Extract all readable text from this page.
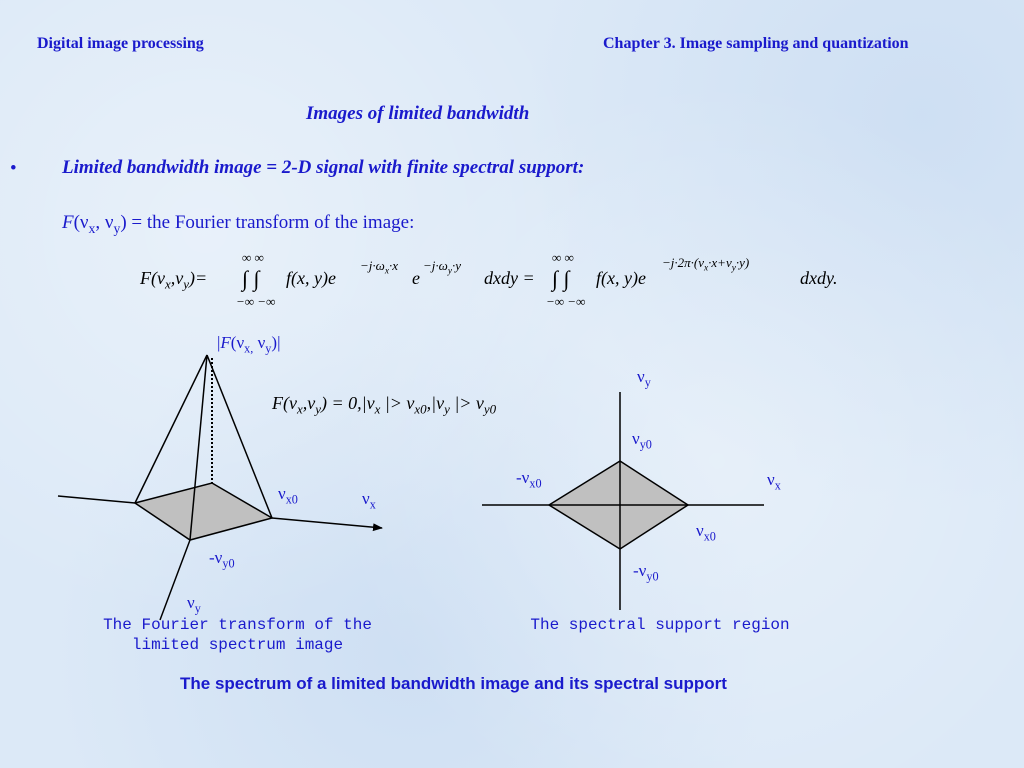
Digital image processing	Chapter 3. Image sampling and quantization
Images of limited bandwidth
• Limited bandwidth image = 2-D signal with finite spectral support:
$F(\nu_x$, $\nu_y$) = the Fourier transform of the image:
$F(\nu_x,\nu_y)=$
∞ ∞
∫ ∫
−∞ −∞
f(x, y)e
$-j\cdot\omega_x\cdot x$
e
$-j\cdot\omega_y\cdot y$
dxdy =
∞ ∞
∫ ∫
−∞ −∞
f(x, y)e
$-j\cdot 2\pi\cdot(\nu_x\cdot x+\nu_y\cdot y)$
dxdy.
$F(\nu_x,\nu_y) = 0,|\nu_x$ |> $\nu_{x0},|\nu_y$ |> $\nu_{y0}$
$|F(\nu_{x,}$ $\nu_y)|$
$\nu_{x0}$	$\nu_x$
$-\nu_{y0}$
$\nu_y$
The Fourier transform of the limited spectrum image
$\nu_y$
$\nu_{y0}$
$-\nu_{x0}$	$\nu_x$
$\nu_{x0}$
$-\nu_{y0}$
The spectral support region
The spectrum of a limited bandwidth image and its spectral support
